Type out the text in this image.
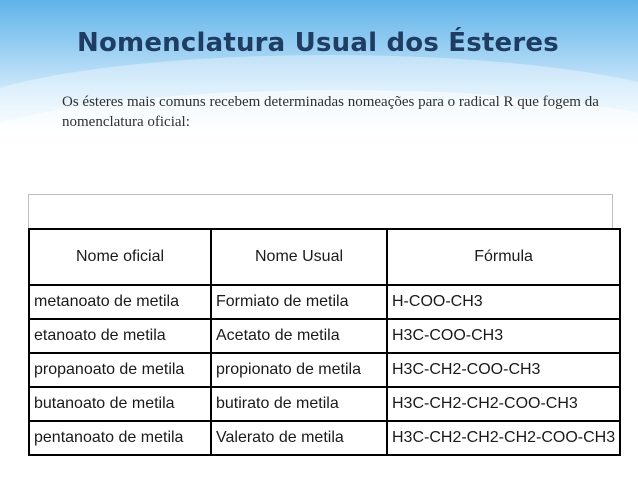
Nomenclatura Usual dos Ésteres
Os ésteres mais comuns recebem determinadas nomeações para o radical R que fogem da nomenclatura oficial:
Nome oficial	Nome Usual	Fórmula
metanoato de metila	Formiato de metila	H-COO-CH3
etanoato de metila	Acetato de metila	H3C-COO-CH3
propanoato de metila	propionato de metila	H3C-CH2-COO-CH3
butanoato de metila	butirato de metila	H3C-CH2-CH2-COO-CH3
pentanoato de metila	Valerato de metila	H3C-CH2-CH2-CH2-COO-CH3
